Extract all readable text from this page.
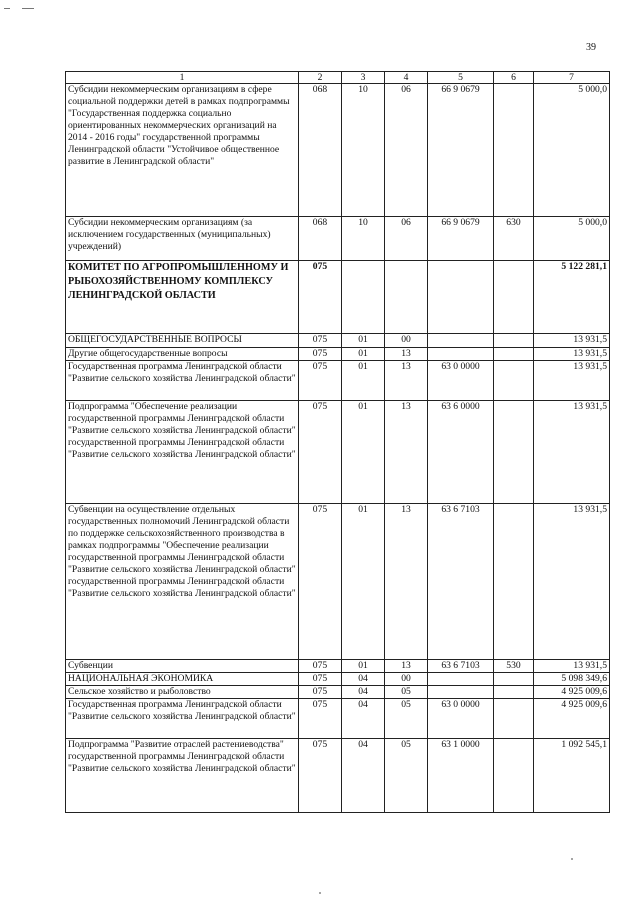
39
1	2	3	4	5	6	7
Субсидии некоммерческим организациям в сфере социальной поддержки детей в рамках подпрограммы "Государственная поддержка социально ориентированных некоммерческих организаций на 2014 - 2016 годы" государственной программы Ленинградской области "Устойчивое общественное развитие в Ленинградской области"	068	10	06	66 9 0679		5 000,0
Субсидии некоммерческим организациям (за исключением государственных (муниципальных) учреждений)	068	10	06	66 9 0679	630	5 000,0
КОМИТЕТ ПО АГРОПРОМЫШЛЕННОМУ И РЫБОХОЗЯЙСТВЕННОМУ КОМПЛЕКСУ ЛЕНИНГРАДСКОЙ ОБЛАСТИ	075					5 122 281,1
ОБЩЕГОСУДАРСТВЕННЫЕ ВОПРОСЫ	075	01	00			13 931,5
Другие общегосударственные вопросы	075	01	13			13 931,5
Государственная программа Ленинградской области "Развитие сельского хозяйства Ленинградской области"	075	01	13	63 0 0000		13 931,5
Подпрограмма "Обеспечение реализации государственной программы Ленинградской области "Развитие сельского хозяйства Ленинградской области" государственной программы Ленинградской области "Развитие сельского хозяйства Ленинградской области"	075	01	13	63 6 0000		13 931,5
Субвенции на осуществление отдельных государственных полномочий Ленинградской области по поддержке сельскохозяйственного производства в рамках подпрограммы "Обеспечение реализации государственной программы Ленинградской области "Развитие сельского хозяйства Ленинградской области" государственной программы Ленинградской области "Развитие сельского хозяйства Ленинградской области"	075	01	13	63 6 7103		13 931,5
Субвенции	075	01	13	63 6 7103	530	13 931,5
НАЦИОНАЛЬНАЯ ЭКОНОМИКА	075	04	00			5 098 349,6
Сельское хозяйство и рыболовство	075	04	05			4 925 009,6
Государственная программа Ленинградской области "Развитие сельского хозяйства Ленинградской области"	075	04	05	63 0 0000		4 925 009,6
Подпрограмма "Развитие отраслей растениеводства" государственной программы Ленинградской области "Развитие сельского хозяйства Ленинградской области"	075	04	05	63 1 0000		1 092 545,1
